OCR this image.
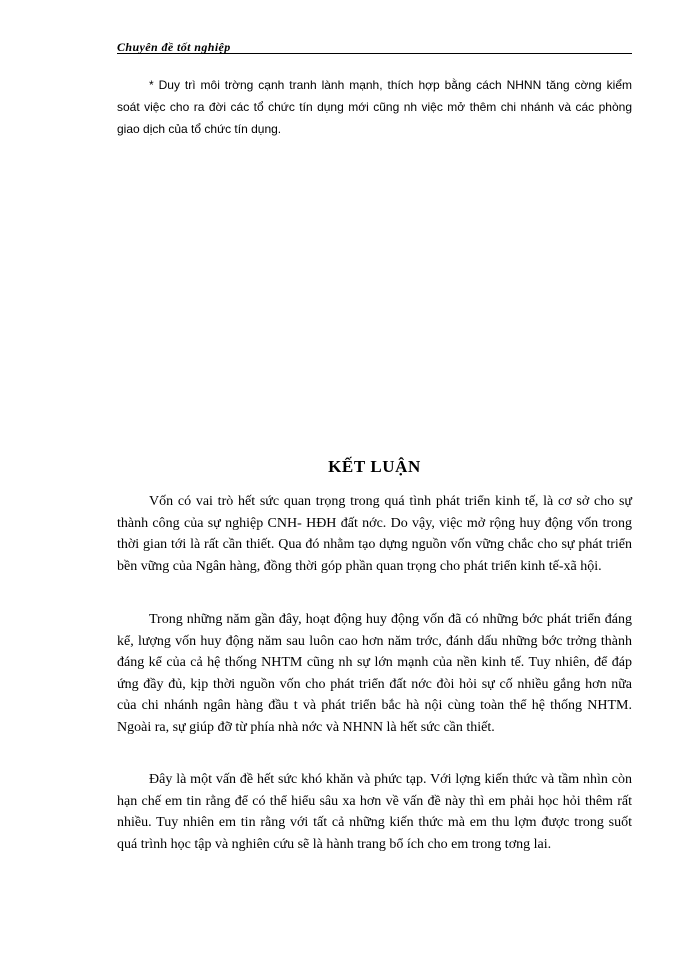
Chuyên đề tốt nghiệp

* Duy trì môi trờng cạnh tranh lành mạnh, thích hợp bằng cách NHNN tăng cờng kiểm soát việc cho ra đời các tổ chức tín dụng mới cũng nh việc mở thêm chi nhánh và các phòng giao dịch của tổ chức tín dụng.

KẾT LUẬN

Vốn có vai trò hết sức quan trọng trong quá tình phát triển kinh tế, là cơ sở cho sự thành công của sự nghiệp CNH- HĐH đất nớc. Do vậy, việc mở rộng huy động vốn trong thời gian tới là rất cần thiết. Qua đó nhằm tạo dựng nguồn vốn vững chắc cho sự phát triển bền vững của Ngân hàng, đồng thời góp phần quan trọng cho phát triển kinh tế-xã hội.

Trong những năm gần đây, hoạt động huy động vốn đã có những bớc phát triển đáng kể, lượng vốn huy động năm sau luôn cao hơn năm trớc, đánh dấu những bớc trởng thành đáng kể của cả hệ thống NHTM cũng nh sự lớn mạnh của nền kinh tế. Tuy nhiên, để đáp ứng đầy đủ, kịp thời nguồn vốn cho phát triển đất nớc đòi hỏi sự cố nhiều gắng hơn nữa của chi nhánh ngân hàng đầu t và phát triển bắc hà nội cùng toàn thể hệ thống NHTM. Ngoài ra, sự giúp đỡ từ phía nhà nớc và NHNN là hết sức cần thiết.

Đây là một vấn đề hết sức khó khăn và phức tạp. Với lợng kiến thức và tầm nhìn còn hạn chế em tin rằng để có thể hiểu sâu xa hơn về vấn đề này thì em phải học hỏi thêm rất nhiều. Tuy nhiên em tin rằng với tất cả những kiến thức mà em thu lợm được trong suốt quá trình học tập và nghiên cứu sẽ là hành trang bổ ích cho em trong tơng lai.
